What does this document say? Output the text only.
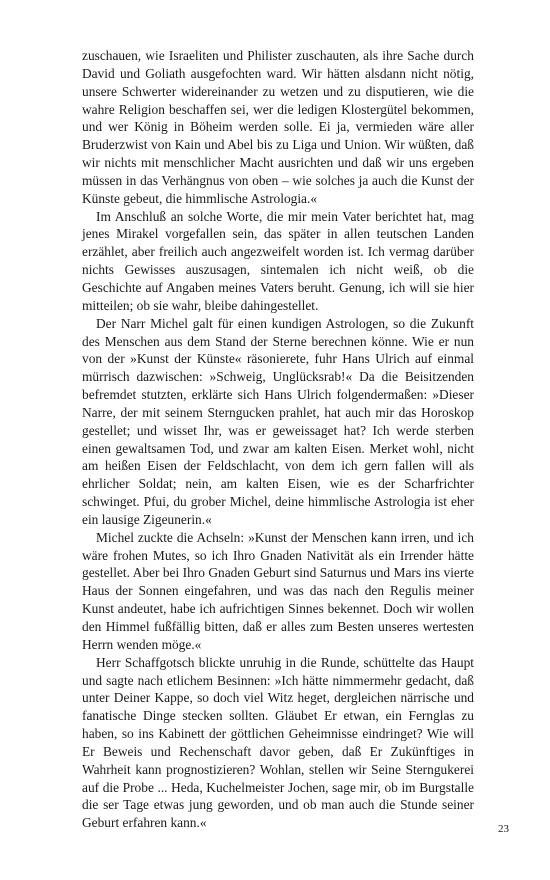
zuschauen, wie Israeliten und Philister zuschauten, als ihre Sache durch David und Goliath ausgefochten ward. Wir hätten alsdann nicht nötig, unsere Schwerter widereinander zu wetzen und zu disputieren, wie die wahre Religion beschaffen sei, wer die ledigen Klostergütel bekommen, und wer König in Böheim werden solle. Ei ja, vermieden wäre aller Bruderzwist von Kain und Abel bis zu Liga und Union. Wir wüßten, daß wir nichts mit menschlicher Macht ausrichten und daß wir uns ergeben müssen in das Verhängnus von oben – wie solches ja auch die Kunst der Künste gebeut, die himmlische Astrologia.«

Im Anschluß an solche Worte, die mir mein Vater berichtet hat, mag jenes Mirakel vorgefallen sein, das später in allen teutschen Landen erzählet, aber freilich auch angezweifelt worden ist. Ich vermag darüber nichts Gewisses auszusagen, sintemalen ich nicht weiß, ob die Geschichte auf Angaben meines Vaters beruht. Genung, ich will sie hier mitteilen; ob sie wahr, bleibe dahingestellet.

Der Narr Michel galt für einen kundigen Astrologen, so die Zukunft des Menschen aus dem Stand der Sterne berechnen könne. Wie er nun von der »Kunst der Künste« räsonierete, fuhr Hans Ulrich auf einmal mürrisch dazwischen: »Schweig, Unglücksrab!« Da die Beisitzenden befremdet stutzten, erklärte sich Hans Ulrich folgendermaßen: »Dieser Narre, der mit seinem Sterngucken prahlet, hat auch mir das Horoskop gestellet; und wisset Ihr, was er geweissaget hat? Ich werde sterben einen gewaltsamen Tod, und zwar am kalten Eisen. Merket wohl, nicht am heißen Eisen der Feldschlacht, von dem ich gern fallen will als ehrlicher Soldat; nein, am kalten Eisen, wie es der Scharfrichter schwinget. Pfui, du grober Michel, deine himmlische Astrologia ist eher ein lausige Zigeunerin.«

Michel zuckte die Achseln: »Kunst der Menschen kann irren, und ich wäre frohen Mutes, so ich Ihro Gnaden Nativität als ein Irrender hätte gestellet. Aber bei Ihro Gnaden Geburt sind Saturnus und Mars ins vierte Haus der Sonnen eingefahren, und was das nach den Regulis meiner Kunst andeutet, habe ich aufrichtigen Sinnes bekennet. Doch wir wollen den Himmel fußfällig bitten, daß er alles zum Besten unseres wertesten Herrn wenden möge.«

Herr Schaffgotsch blickte unruhig in die Runde, schüttelte das Haupt und sagte nach etlichem Besinnen: »Ich hätte nimmermehr gedacht, daß unter Deiner Kappe, so doch viel Witz heget, dergleichen närrische und fanatische Dinge stecken sollten. Gläubet Er etwan, ein Fernglas zu haben, so ins Kabinett der göttlichen Geheimnisse eindringet? Wie will Er Beweis und Rechenschaft davor geben, daß Er Zukünftiges in Wahrheit kann prognostizieren? Wohlan, stellen wir Seine Sterngukerei auf die Probe ... Heda, Kuchelmeister Jochen, sage mir, ob im Burgstalle die ser Tage etwas jung geworden, und ob man auch die Stunde seiner Geburt erfahren kann.«	23
